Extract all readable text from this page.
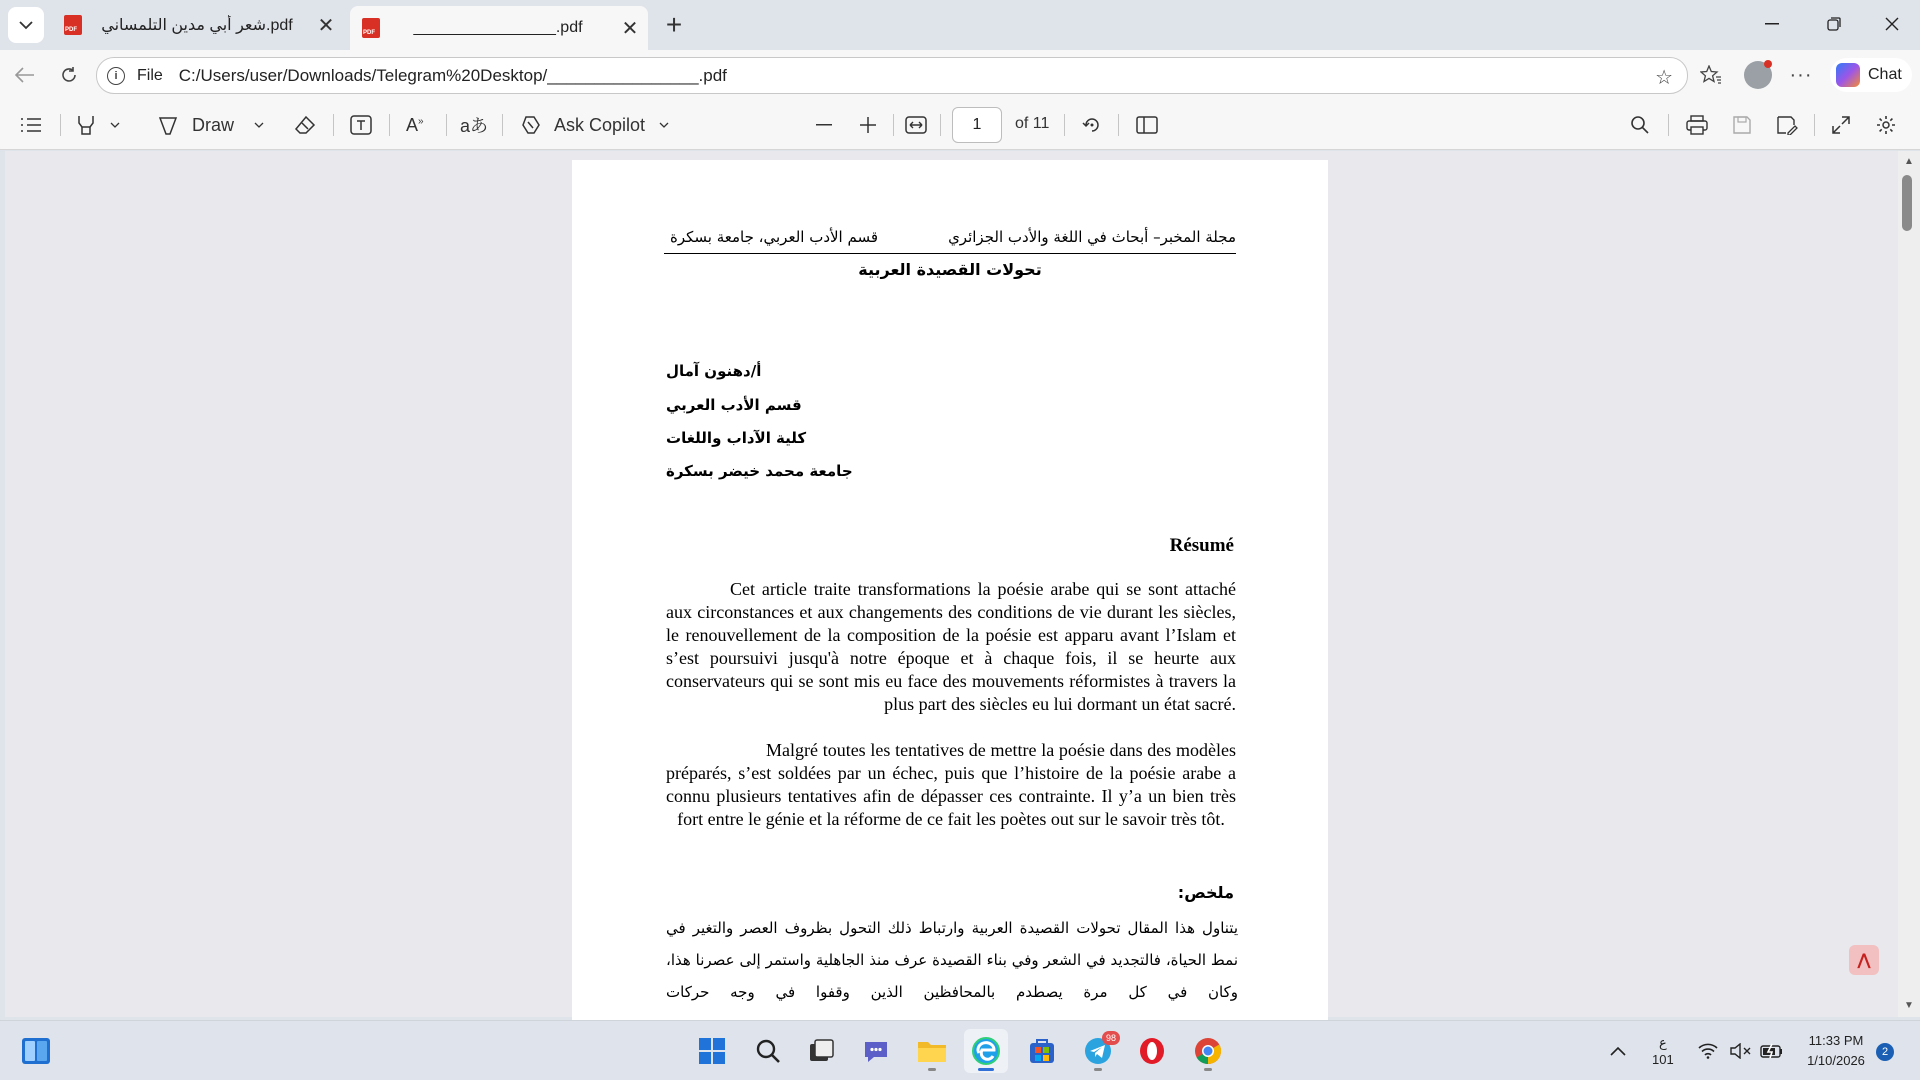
PDF
شعر أبي مدين التلمساني.pdf	✕
PDF	________________.pdf	✕ +
i	File C:/Users/user/Downloads/Telegram%20Desktop/________________.pdf	☆	···	Chat
Draw	A» aあ	Ask Copilot	1	of 11
مجلة المخبر– أبحاث في اللغة والأدب الجزائري
قسم الأدب العربي، جامعة بسكرة
تحولات القصيدة العربية
أ/دهنون آمال
قسم الأدب العربي
كلية الآداب واللغات
جامعة محمد خيضر بسكرة
Résumé
Cet article traite transformations la poésie arabe qui se sont attaché aux circonstances et aux changements des conditions de vie durant les siècles, le renouvellement de la composition de la poésie est apparu avant l’Islam et s’est poursuivi jusqu'à notre époque et à chaque fois, il se heurte aux conservateurs qui se sont mis eu face des mouvements réformistes à travers la plus part des siècles eu lui dormant un état sacré.
Malgré toutes les tentatives de mettre la poésie dans des modèles préparés, s’est soldées par un échec, puis que l’histoire de la poésie arabe a connu plusieurs tentatives afin de dépasser ces contrainte. Il y’a un bien très fort entre le génie et la réforme de ce fait les poètes out sur le savoir très tôt.
ملخص:
يتناول هذا المقال تحولات القصيدة العربية وارتباط ذلك التحول بظروف العصر والتغير في نمط الحياة، فالتجديد في الشعر وفي بناء القصيدة عرف منذ الجاهلية واستمر إلى عصرنا هذا، وكان في كل مرة يصطدم بالمحافظين الذين وقفوا في وجه حركات
▲
▼
⋀
98	ع
101
11:33 PM
1/10/2026
2
